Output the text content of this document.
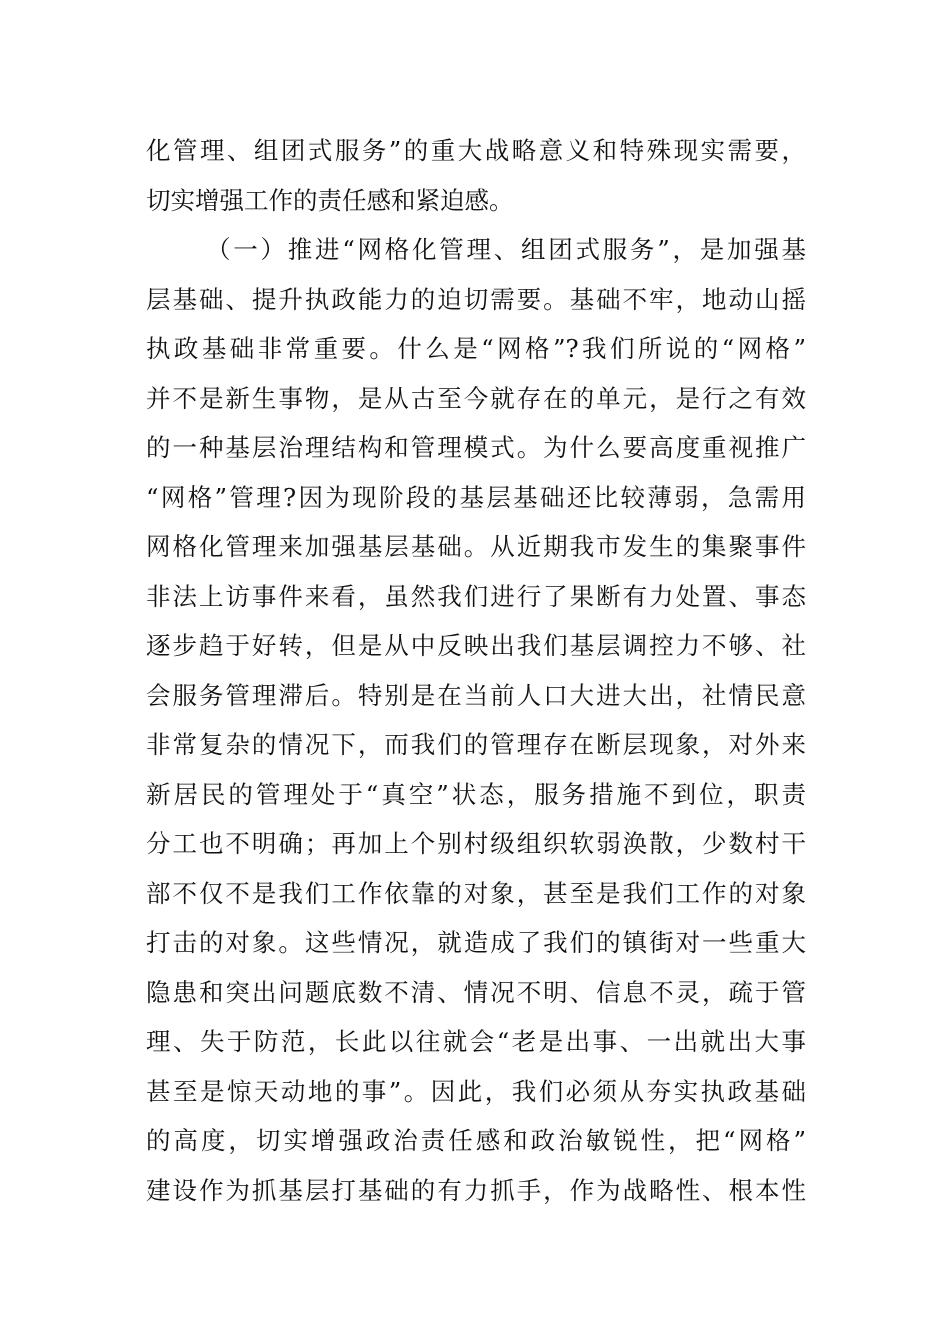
化管理、组团式服务”的重大战略意义和特殊现实需要，
切实增强工作的责任感和紧迫感。
（一）推进“网格化管理、组团式服务”，是加强基
层基础、提升执政能力的迫切需要。基础不牢，地动山摇
执政基础非常重要。什么是“网格”?我们所说的“网格”
并不是新生事物，是从古至今就存在的单元，是行之有效
的一种基层治理结构和管理模式。为什么要高度重视推广
“网格”管理?因为现阶段的基层基础还比较薄弱，急需用
网格化管理来加强基层基础。从近期我市发生的集聚事件
非法上访事件来看，虽然我们进行了果断有力处置、事态
逐步趋于好转，但是从中反映出我们基层调控力不够、社
会服务管理滞后。特别是在当前人口大进大出，社情民意
非常复杂的情况下，而我们的管理存在断层现象，对外来
新居民的管理处于“真空”状态，服务措施不到位，职责
分工也不明确；再加上个别村级组织软弱涣散，少数村干
部不仅不是我们工作依靠的对象，甚至是我们工作的对象
打击的对象。这些情况，就造成了我们的镇街对一些重大
隐患和突出问题底数不清、情况不明、信息不灵，疏于管
理、失于防范，长此以往就会“老是出事、一出就出大事
甚至是惊天动地的事”。因此，我们必须从夯实执政基础
的高度，切实增强政治责任感和政治敏锐性，把“网格”
建设作为抓基层打基础的有力抓手，作为战略性、根本性
